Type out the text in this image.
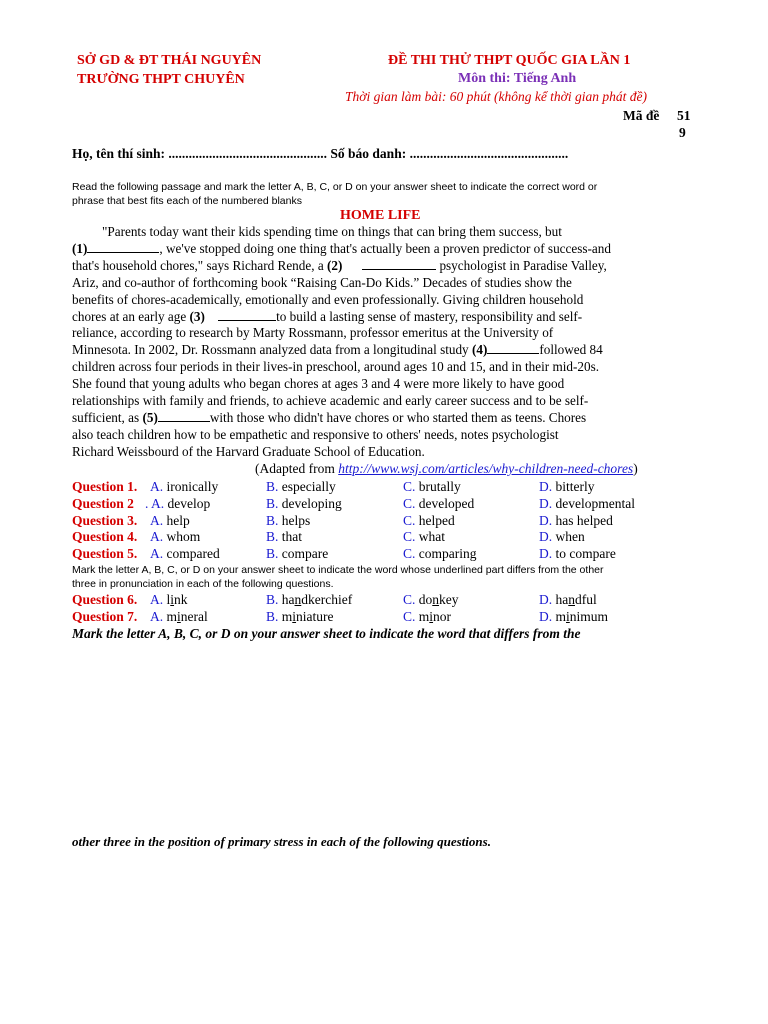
SỞ GD & ĐT THÁI NGUYÊN
TRƯỜNG THPT CHUYÊN
ĐỀ THI THỬ THPT QUỐC GIA LẦN 1
Môn thi: Tiếng Anh
Thời gian làm bài: 60 phút (không kể thời gian phát đề)
Mã đề 51
9
Họ, tên thí sinh: ............................................... Số báo danh: ...............................................
Read the following passage and mark the letter A, B, C, or D on your answer sheet to indicate the correct word or
phrase that best fits each of the numbered blanks
HOME LIFE
"Parents today want their kids spending time on things that can bring them success, but
(1)	, we've stopped doing one thing that's actually been a proven predictor of success-and
that's household chores," says Richard Rende, a (2)	psychologist in Paradise Valley,
Ariz, and co-author of forthcoming book “Raising Can-Do Kids.” Decades of studies show the
benefits of chores-academically, emotionally and even professionally. Giving children household
chores at an early age (3)	to build a lasting sense of mastery, responsibility and self-
reliance, according to research by Marty Rossmann, professor emeritus at the University of
Minnesota. In 2002, Dr. Rossmann analyzed data from a longitudinal study (4)	followed 84
children across four periods in their lives-in preschool, around ages 10 and 15, and in their mid-20s.
She found that young adults who began chores at ages 3 and 4 were more likely to have good
relationships with family and friends, to achieve academic and early career success and to be self-
sufficient, as (5)	with those who didn't have chores or who started them as teens. Chores
also teach children how to be empathetic and responsive to others' needs, notes psychologist
Richard Weissbourd of the Harvard Graduate School of Education.
(Adapted from http://www.wsj.com/articles/why-children-need-chores)
Question 1. A. ironically	B. especially	C. brutally	D. bitterly
Question 2 . A. develop	B. developing	C. developed	D. developmental
Question 3. A. help	B. helps	C. helped	D. has helped
Question 4. A. whom	B. that	C. what	D. when
Question 5. A. compared	B. compare	C. comparing	D. to compare
Mark the letter A, B, C, or D on your answer sheet to indicate the word whose underlined part differs from the other
three in pronunciation in each of the following questions.
Question 6. A. link	B. handkerchief	C. donkey	D. handful
Question 7. A. mineral	B. miniature	C. minor	D. minimum
Mark the letter A, B, C, or D on your answer sheet to indicate the word that differs from the
other three in the position of primary stress in each of the following questions.
